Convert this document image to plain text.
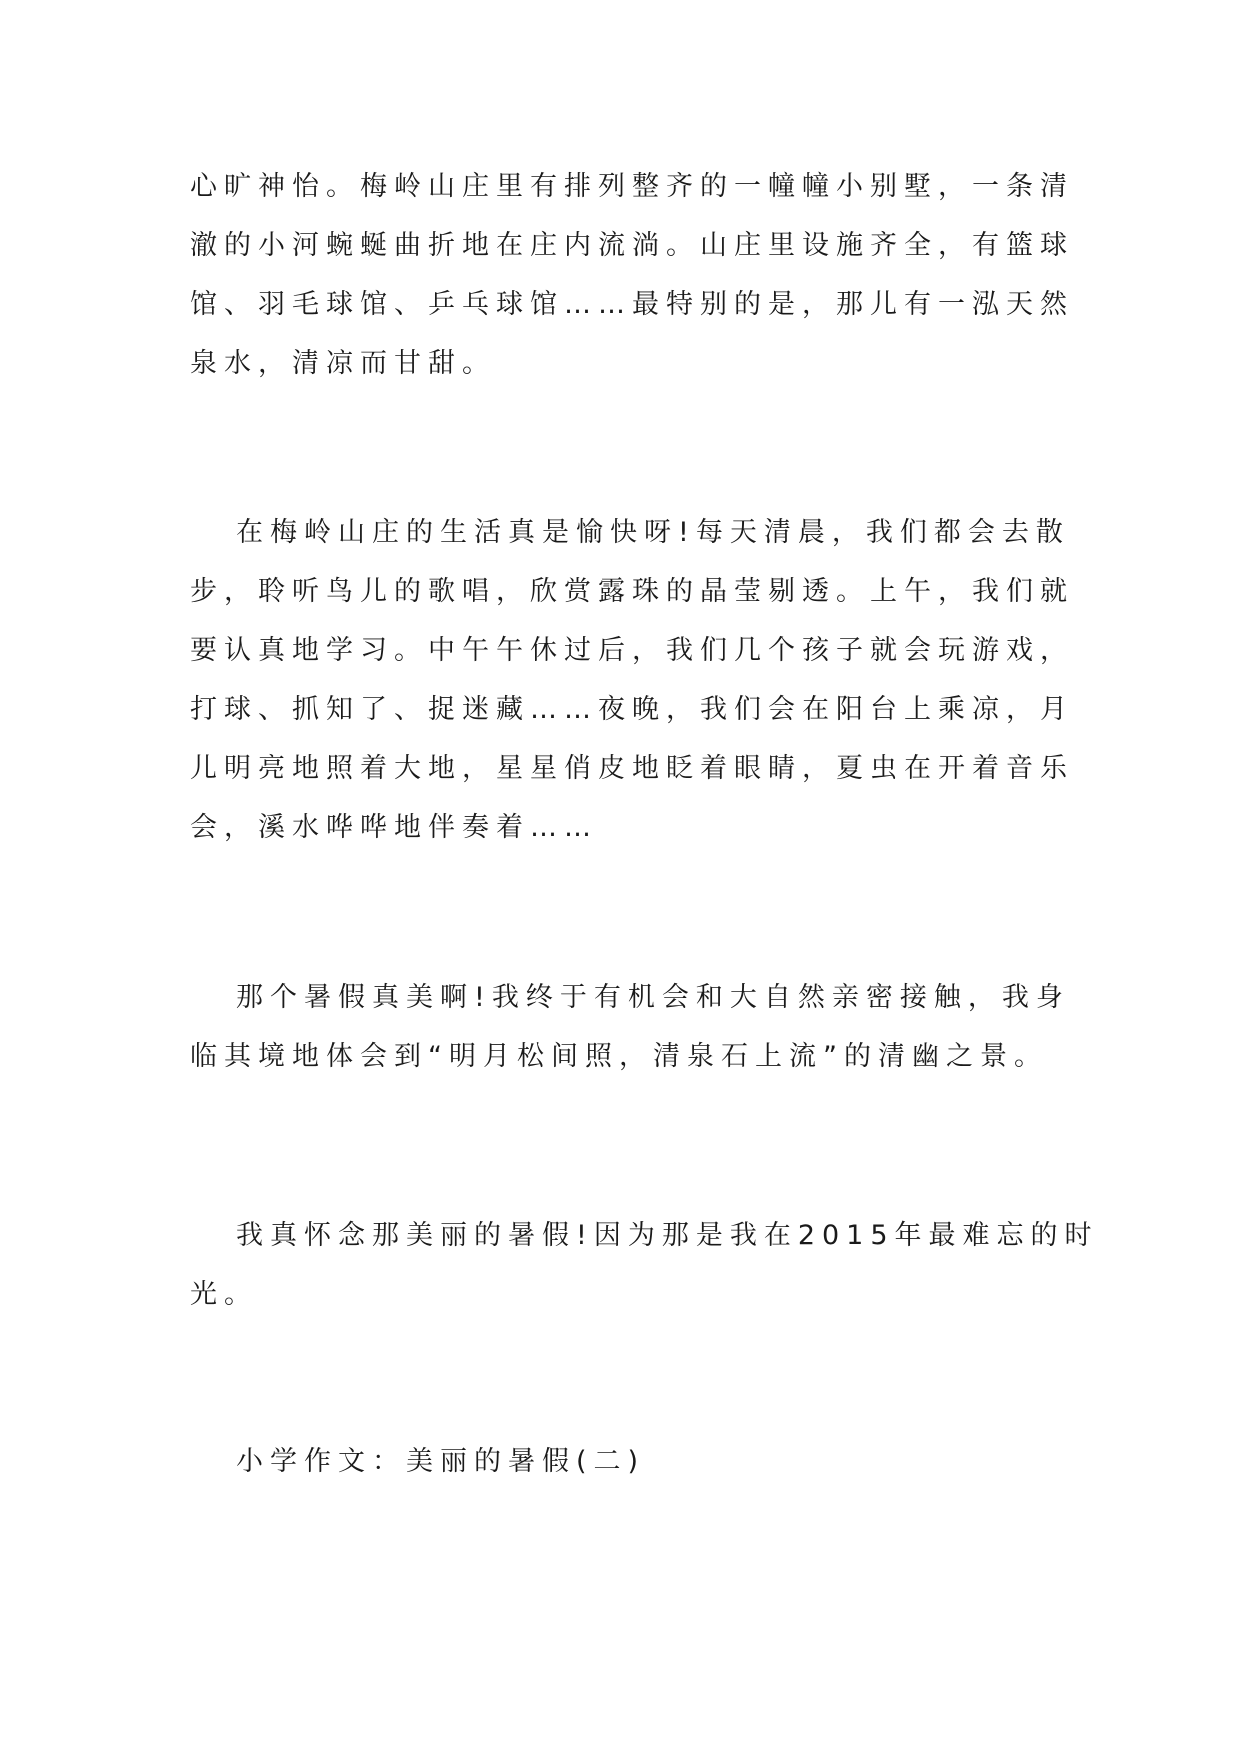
心旷神怡。梅岭山庄里有排列整齐的一幢幢小别墅，一条清
澈的小河蜿蜒曲折地在庄内流淌。山庄里设施齐全，有篮球
馆、羽毛球馆、乒乓球馆……最特别的是，那儿有一泓天然
泉水，清凉而甘甜。

在梅岭山庄的生活真是愉快呀!每天清晨，我们都会去散
步，聆听鸟儿的歌唱，欣赏露珠的晶莹剔透。上午，我们就
要认真地学习。中午午休过后，我们几个孩子就会玩游戏，
打球、抓知了、捉迷藏……夜晚，我们会在阳台上乘凉，月
儿明亮地照着大地，星星俏皮地眨着眼睛，夏虫在开着音乐
会，溪水哗哗地伴奏着……

那个暑假真美啊!我终于有机会和大自然亲密接触，我身
临其境地体会到“明月松间照，清泉石上流”的清幽之景。

我真怀念那美丽的暑假!因为那是我在2015年最难忘的时
光。

小学作文：美丽的暑假(二)
